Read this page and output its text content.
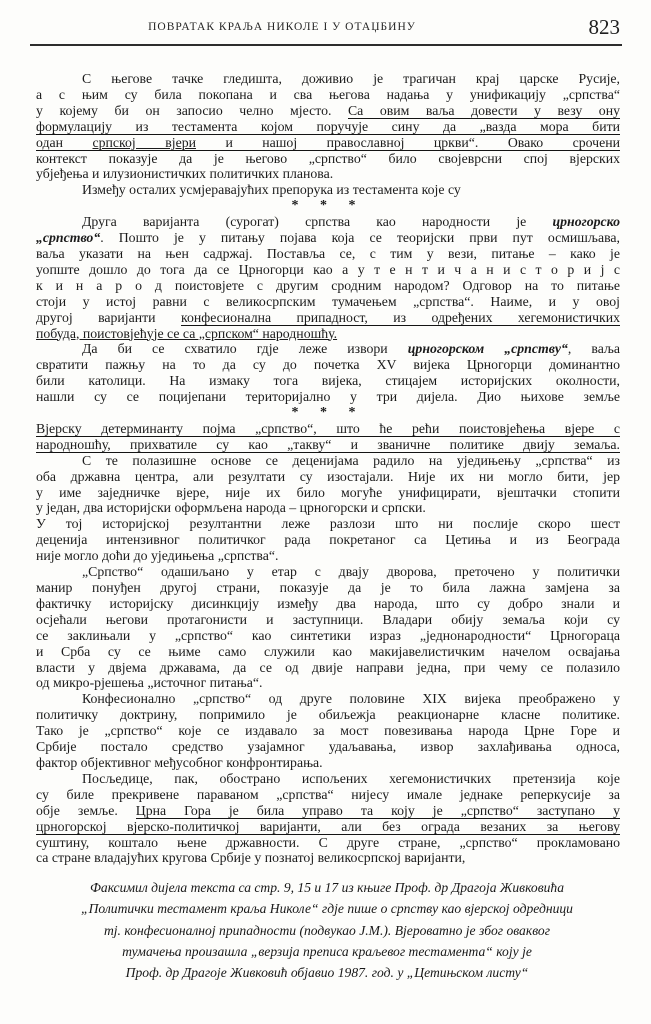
ПОВРАТАК КРАЉА НИКОЛЕ I У ОТАЏБИНУ	823
С његове тачке гледишта, доживио је трагичан крај царске Русије,
а с њим су била покопана и сва његова надања у унификацију „српства“
у којему би он запосио челно мјесто. Са овим ваља довести у везу ону
формулацију из тестамента којом поручује сину да „вазда мора бити
одан српској вјери и нашој православној цркви“. Овако срочени
контекст показује да је његово „српство“ било својеврсни спој вјерских
убјеђења и илузионистичких политичких планова.
Између осталих усмјеравајућих препорука из тестамента које су
* * *
Друга варијанта (сурогат) српства као народности је црногорско
„српство“. Пошто је у питању појава која се теоријски први пут осмишљава,
ваља указати на њен садржај. Поставља се, с тим у вези, питање – како је
уопште дошло до тога да се Црногорци као а у т е н т и ч а н и с т о р и ј с
к и н а р о д поистовјете с другим сродним народом? Одговор на то питање
стоји у истој равни с великосрпским тумачењем „српства“. Наиме, и у овој
другој варијанти конфесионална припадност, из одређених хегемонистичких
побуда, поистовјећује се са „српском“ народношћу.
Да би се схватило гдје леже извори црногорском „српству“, ваља
свратити пажњу на то да су до почетка XV вијека Црногорци доминантно
били католици. На измаку тога вијека, стицајем историјских околности,
нашли су се поцијепани територијално у три дијела. Дио њихове земље
* * *
Вјерску детерминанту појма „српство“, што ће рећи поистовјећења вјере с
народношћу, прихватиле су као „такву“ и званичне политике двију земаља.
С те полазишне основе се деценијама радило на уједињењу „српства“ из
оба државна центра, али резултати су изостајали. Није их ни могло бити, јер
у име заједничке вјере, није их било могуће унифицирати, вјештачки стопити
у један, два историјски оформљена народа – црногорски и српски.
У тој историјској резултантни леже разлози што ни послије скоро шест
деценија интензивног политичког рада покретаног са Цетиња и из Београда
није могло доћи до уједињења „српства“.
„Српство“ одашиљано у етар с двају дворова, преточено у политички
манир понуђен другој страни, показује да је то била лажна замјена за
фактичку историјску дисинкцију између два народа, што су добро знали и
осјећали његови протагонисти и заступници. Владари обију земаља који су
се заклињали у „српство“ као синтетики израз „једнонародности“ Црногораца
и Срба су се њиме само служили као макијавелистичким начелом освајања
власти у двјема државама, да се од двије направи једна, при чему се полазило
од микро-рјешења „источног питања“.
Конфесионално „српство“ од друге половине XIX вијека преображено у
политичку доктрину, попримило је обиљежја реакционарне класне политике.
Тако је „српство“ које се издавало за мост повезивања народа Црне Горе и
Србије постало средство узајамног удаљавања, извор захлађивања односа,
фактор објективног међусобног конфронтирања.
Посљедице, пак, обострано испољених хегемонистичких претензија које
су биле прекривене параваном „српства“ нијесу имале једнаке реперкусије за
обје земље. Црна Гора је била управо та коју је „српство“ заступано у
црногорској вјерско-политичкој варијанти, али без ограда везаних за његову
суштину, коштало њене државности. С друге стране, „српство“ прокламовано
са стране владајућих кругова Србије у познатој великосрпској варијанти,
Факсимил дијела текста са стр. 9, 15 и 17 из књиге Проф. др Драгоја Живковића
„Политички тестамент краља Николе“ гдје пише о српству као вјерској одредници
тј. конфесионалној припадности (подвукао Ј.М.). Вјероватно је због оваквог
тумачења произашла „верзија преписа краљевог тестамента“ коју је
Проф. др Драгоје Живковић објавио 1987. год. у „Цетињском листу“
